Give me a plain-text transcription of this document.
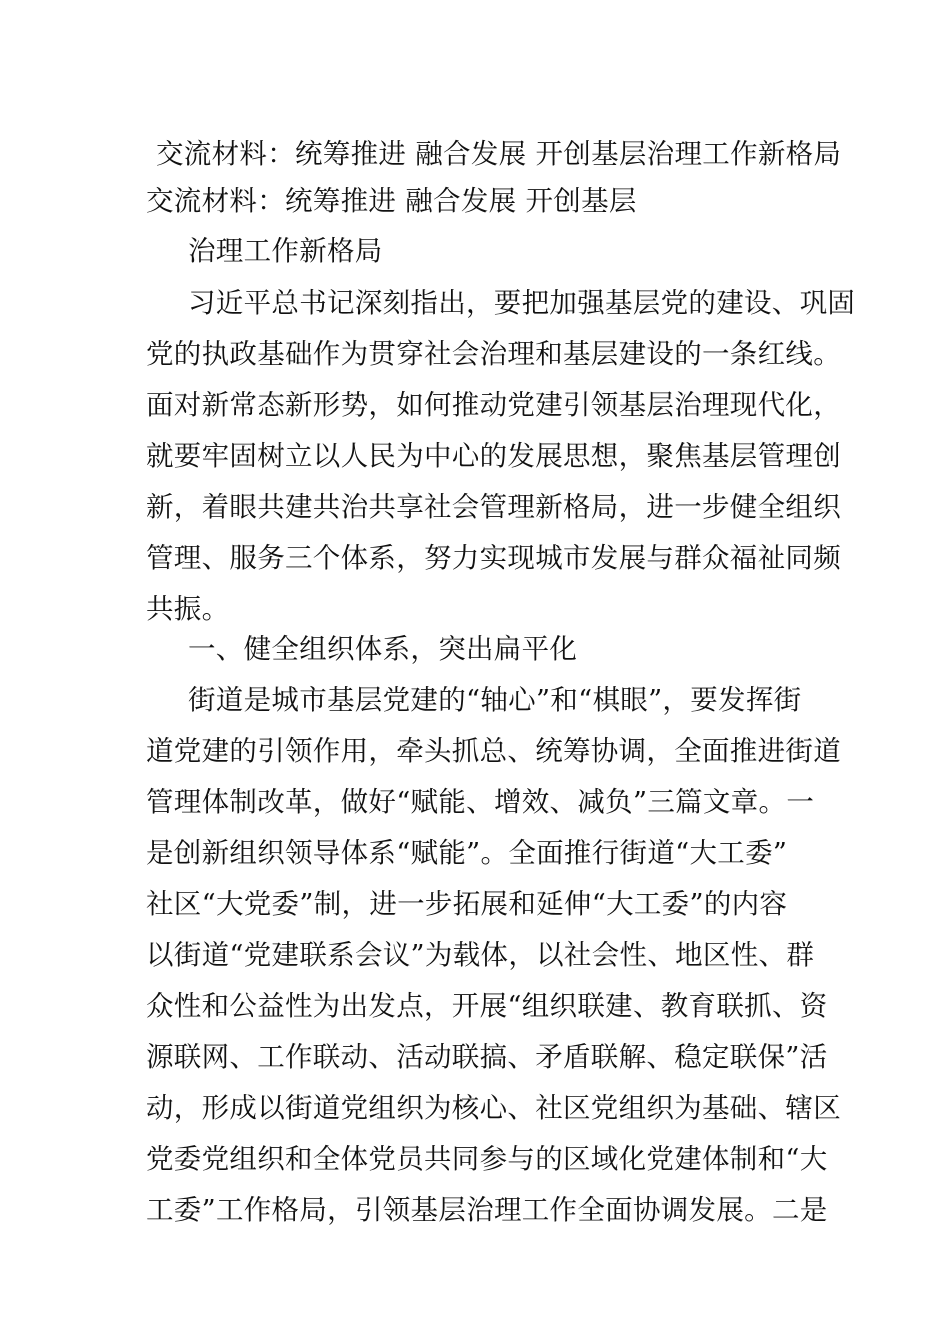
交流材料：统筹推进 融合发展 开创基层治理工作新格局

交流材料：统筹推进 融合发展 开创基层

治理工作新格局

习近平总书记深刻指出，要把加强基层党的建设、巩固

党的执政基础作为贯穿社会治理和基层建设的一条红线。

面对新常态新形势，如何推动党建引领基层治理现代化，

就要牢固树立以人民为中心的发展思想，聚焦基层管理创

新，着眼共建共治共享社会管理新格局，进一步健全组织

管理、服务三个体系，努力实现城市发展与群众福祉同频

共振。

一、健全组织体系，突出扁平化

街道是城市基层党建的“轴心”和“棋眼”，要发挥街

道党建的引领作用，牵头抓总、统筹协调，全面推进街道

管理体制改革，做好“赋能、增效、减负”三篇文章。一

是创新组织领导体系“赋能”。全面推行街道“大工委”

社区“大党委”制，进一步拓展和延伸“大工委”的内容

以街道“党建联系会议”为载体，以社会性、地区性、群

众性和公益性为出发点，开展“组织联建、教育联抓、资

源联网、工作联动、活动联搞、矛盾联解、稳定联保”活

动，形成以街道党组织为核心、社区党组织为基础、辖区

党委党组织和全体党员共同参与的区域化党建体制和“大

工委”工作格局，引领基层治理工作全面协调发展。二是
